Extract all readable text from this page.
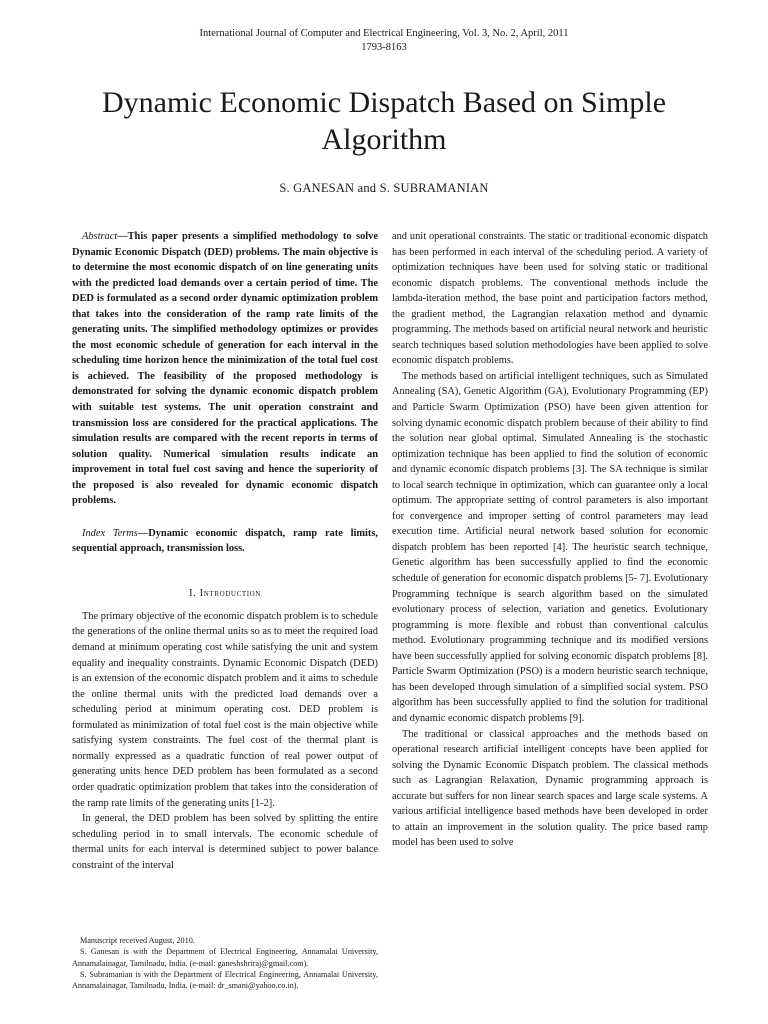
International Journal of Computer and Electrical Engineering, Vol. 3, No. 2, April, 2011
1793-8163
Dynamic Economic Dispatch Based on Simple Algorithm
S. GANESAN and S. SUBRAMANIAN

Abstract—This paper presents a simplified methodology to solve Dynamic Economic Dispatch (DED) problems. The main objective is to determine the most economic dispatch of on line generating units with the predicted load demands over a certain period of time. The DED is formulated as a second order dynamic optimization problem that takes into the consideration of the ramp rate limits of the generating units. The simplified methodology optimizes or provides the most economic schedule of generation for each interval in the scheduling time horizon hence the minimization of the total fuel cost is achieved. The feasibility of the proposed methodology is demonstrated for solving the dynamic economic dispatch problem with suitable test systems. The unit operation constraint and transmission loss are considered for the practical applications. The simulation results are compared with the recent reports in terms of solution quality. Numerical simulation results indicate an improvement in total fuel cost saving and hence the superiority of the proposed is also revealed for dynamic economic dispatch problems.

Index Terms—Dynamic economic dispatch, ramp rate limits, sequential approach, transmission loss.

I. Introduction

The primary objective of the economic dispatch problem is to schedule the generations of the online thermal units so as to meet the required load demand at minimum operating cost while satisfying the unit and system equality and inequality constraints. Dynamic Economic Dispatch (DED) is an extension of the economic dispatch problem and it aims to schedule the online thermal units with the predicted load demands over a scheduling period at minimum operating cost. DED problem is formulated as minimization of total fuel cost is the main objective while satisfying system constraints. The fuel cost of the thermal plant is normally expressed as a quadratic function of real power output of generating units hence DED problem has been formulated as a second order quadratic optimization problem that takes into the consideration of the ramp rate limits of the generating units [1-2].

In general, the DED problem has been solved by splitting the entire scheduling period in to small intervals. The economic schedule of thermal units for each interval is determined subject to power balance constraint of the interval

Manuscript received August, 2010.

S. Ganesan is with the Department of Electrical Engineering, Annamalai University, Annamalainagar, Tamilnadu, India. (e-mail: ganeshshriraj@gmail.com).

S. Subramanian is with the Department of Electrical Engineering, Annamalai University, Annamalainagar, Tamilnadu, India. (e-mail: dr_smani@yahoo.co.in).

and unit operational constraints. The static or traditional economic dispatch has been performed in each interval of the scheduling period. A variety of optimization techniques have been used for solving static or traditional economic dispatch problems. The conventional methods include the lambda-iteration method, the base point and participation factors method, the gradient method, the Lagrangian relaxation method and dynamic programming. The methods based on artificial neural network and heuristic search techniques based solution methodologies have been applied to solve economic dispatch problems.

The methods based on artificial intelligent techniques, such as Simulated Annealing (SA), Genetic Algorithm (GA), Evolutionary Programming (EP) and Particle Swarm Optimization (PSO) have been given attention for solving dynamic economic dispatch problem because of their ability to find the solution near global optimal. Simulated Annealing is the stochastic optimization technique has been applied to find the solution of economic and dynamic economic dispatch problems [3]. The SA technique is similar to local search technique in optimization, which can guarantee only a local optimum. The appropriate setting of control parameters is also important for convergence and improper setting of control parameters may lead execution time. Artificial neural network based solution for economic dispatch problem has been reported [4]. The heuristic search technique, Genetic algorithm has been successfully applied to find the economic schedule of generation for economic dispatch problems [5- 7]. Evolutionary Programming technique is search algorithm based on the simulated evolutionary process of selection, variation and genetics. Evolutionary programming is more flexible and robust than conventional calculus method. Evolutionary programming technique and its modified versions have been successfully applied for solving economic dispatch problems [8]. Particle Swarm Optimization (PSO) is a modern heuristic search technique, has been developed through simulation of a simplified social system. PSO algorithm has been successfully applied to find the solution for traditional and dynamic economic dispatch problems [9].

The traditional or classical approaches and the methods based on operational research artificial intelligent concepts have been applied for solving the Dynamic Economic Dispatch problem. The classical methods such as Lagrangian Relaxation, Dynamic programming approach is accurate but suffers for non linear search spaces and large scale systems. A various artificial intelligence based methods have been developed in order to attain an improvement in the solution quality. The price based ramp model has been used to solve
